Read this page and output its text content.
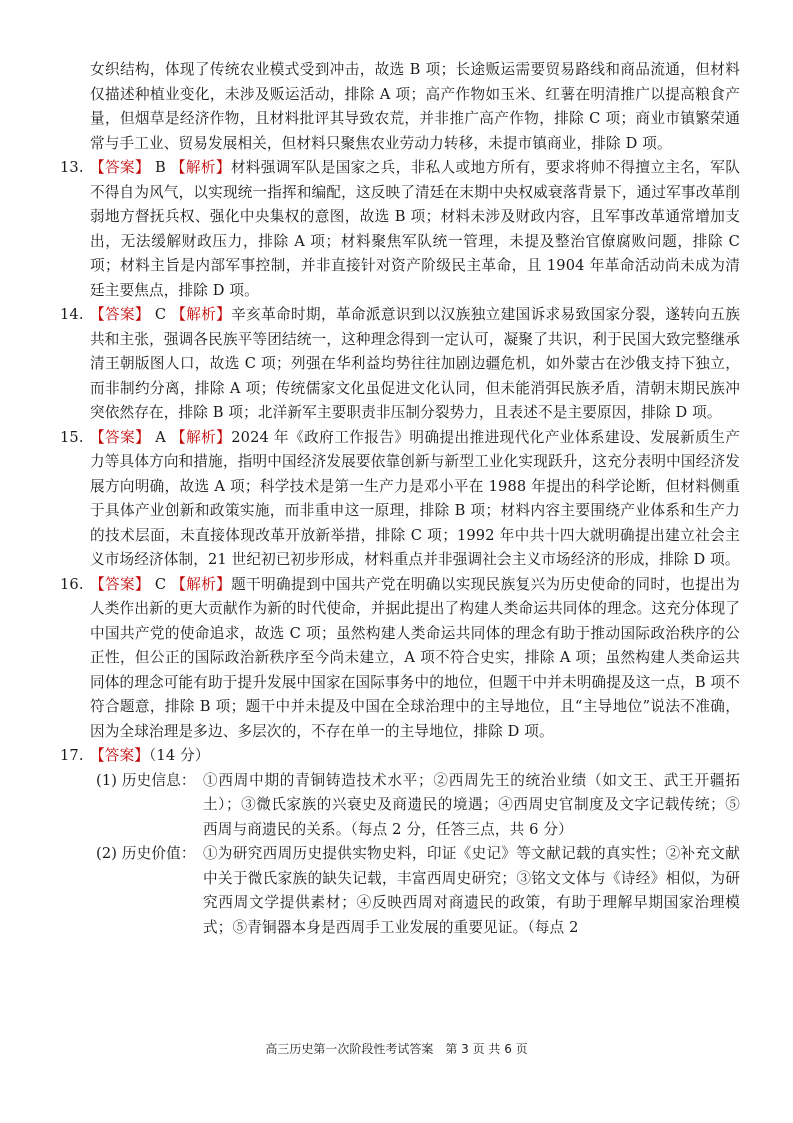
女织结构，体现了传统农业模式受到冲击，故选 B 项；长途贩运需要贸易路线和商品流通，但材料仅描述种植业变化，未涉及贩运活动，排除 A 项；高产作物如玉米、红薯在明清推广以提高粮食产量，但烟草是经济作物，且材料批评其导致农荒，并非推广高产作物，排除 C 项；商业市镇繁荣通常与手工业、贸易发展相关，但材料只聚焦农业劳动力转移，未提市镇商业，排除 D 项。

13. 【答案】 B 【解析】材料强调军队是国家之兵，非私人或地方所有，要求将帅不得擅立主名，军队不得自为风气，以实现统一指挥和编配，这反映了清廷在末期中央权威衰落背景下，通过军事改革削弱地方督抚兵权、强化中央集权的意图，故选 B 项；材料未涉及财政内容，且军事改革通常增加支出，无法缓解财政压力，排除 A 项；材料聚焦军队统一管理，未提及整治官僚腐败问题，排除 C 项；材料主旨是内部军事控制，并非直接针对资产阶级民主革命，且 1904 年革命活动尚未成为清廷主要焦点，排除 D 项。
14. 【答案】 C 【解析】辛亥革命时期，革命派意识到以汉族独立建国诉求易致国家分裂，遂转向五族共和主张，强调各民族平等团结统一，这种理念得到一定认可，凝聚了共识，利于民国大致完整继承清王朝版图人口，故选 C 项；列强在华利益均势往往加剧边疆危机，如外蒙古在沙俄支持下独立，而非制约分离，排除 A 项；传统儒家文化虽促进文化认同，但未能消弭民族矛盾，清朝末期民族冲突依然存在，排除 B 项；北洋新军主要职责非压制分裂势力，且表述不是主要原因，排除 D 项。
15. 【答案】 A 【解析】2024 年《政府工作报告》明确提出推进现代化产业体系建设、发展新质生产力等具体方向和措施，指明中国经济发展要依靠创新与新型工业化实现跃升，这充分表明中国经济发展方向明确，故选 A 项；科学技术是第一生产力是邓小平在 1988 年提出的科学论断，但材料侧重于具体产业创新和政策实施，而非重申这一原理，排除 B 项；材料内容主要围绕产业体系和生产力的技术层面，未直接体现改革开放新举措，排除 C 项；1992 年中共十四大就明确提出建立社会主义市场经济体制，21 世纪初已初步形成，材料重点并非强调社会主义市场经济的形成，排除 D 项。
16. 【答案】 C 【解析】题干明确提到中国共产党在明确以实现民族复兴为历史使命的同时，也提出为人类作出新的更大贡献作为新的时代使命，并据此提出了构建人类命运共同体的理念。这充分体现了中国共产党的使命追求，故选 C 项；虽然构建人类命运共同体的理念有助于推动国际政治秩序的公正性，但公正的国际政治新秩序至今尚未建立，A 项不符合史实，排除 A 项；虽然构建人类命运共同体的理念可能有助于提升发展中国家在国际事务中的地位，但题干中并未明确提及这一点，B 项不符合题意，排除 B 项；题干中并未提及中国在全球治理中的主导地位，且“主导地位”说法不准确，因为全球治理是多边、多层次的，不存在单一的主导地位，排除 D 项。
17. 【答案】（14 分）
(1) 历史信息： ①西周中期的青铜铸造技术水平；②西周先王的统治业绩（如文王、武王开疆拓土）；③微氏家族的兴衰史及商遗民的境遇；④西周史官制度及文字记载传统；⑤西周与商遗民的关系。（每点 2 分，任答三点，共 6 分）
(2) 历史价值： ①为研究西周历史提供实物史料，印证《史记》等文献记载的真实性；②补充文献中关于微氏家族的缺失记载，丰富西周史研究；③铭文文体与《诗经》相似，为研究西周文学提供素材；④反映西周对商遗民的政策，有助于理解早期国家治理模式；⑤青铜器本身是西周手工业发展的重要见证。（每点 2
高三历史第一次阶段性考试答案　第 3 页 共 6 页
